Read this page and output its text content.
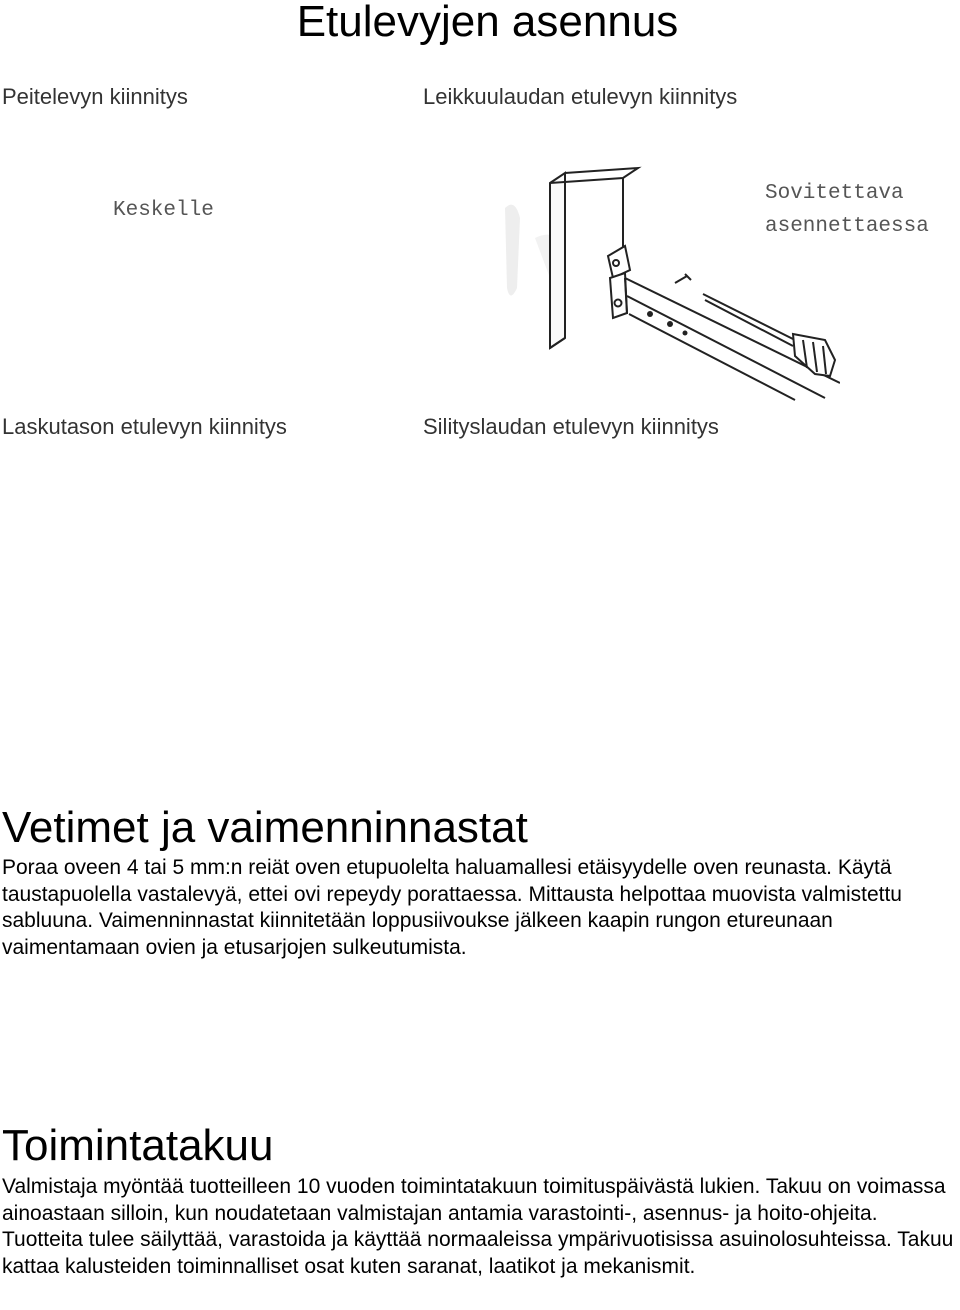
Etulevyjen asennus
Peitelevyn kiinnitys	Leikkuulaudan etulevyn kiinnitys
Keskelle
Sovitettava
asennettaessa
Laskutason etulevyn kiinnitys	Silityslaudan etulevyn kiinnitys
Vetimet ja vaimenninnastat
Poraa oveen 4 tai 5 mm:n reiät oven etupuolelta haluamallesi etäisyydelle oven reunasta. Käytä taustapuolella vastalevyä, ettei ovi repeydy porattaessa. Mittausta helpottaa muovista valmistettu sabluuna. Vaimenninnastat kiinnitetään loppusiivoukse jälkeen kaapin rungon etureunaan vaimentamaan ovien ja etusarjojen sulkeutumista.
Toimintatakuu
Valmistaja myöntää tuotteilleen 10 vuoden toimintatakuun toimituspäivästä lukien. Takuu on voimassa ainoastaan silloin, kun noudatetaan valmistajan antamia varastointi-, asennus- ja hoito-ohjeita. Tuotteita tulee säilyttää, varastoida ja käyttää normaaleissa ympärivuotisissa asuinolosuhteissa. Takuu kattaa kalusteiden toiminnalliset osat kuten saranat, laatikot ja mekanismit.
